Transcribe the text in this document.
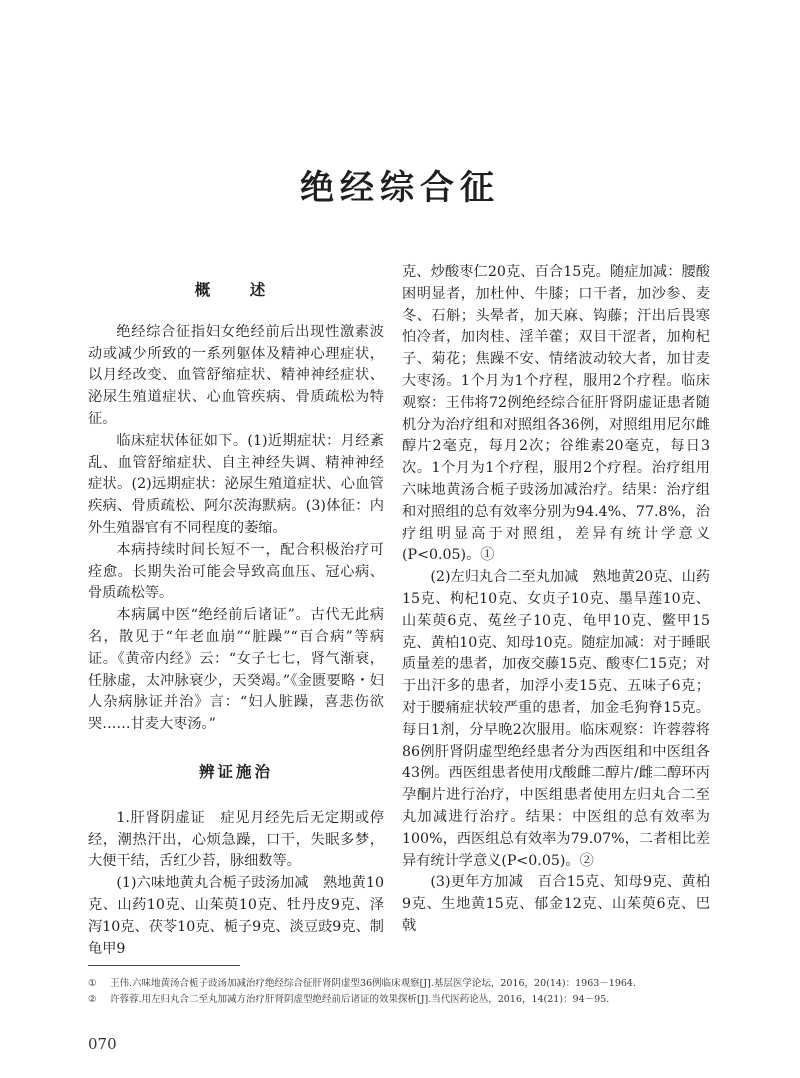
绝经综合征
概　述

绝经综合征指妇女绝经前后出现性激素波动或减少所致的一系列躯体及精神心理症状，以月经改变、血管舒缩症状、精神神经症状、泌尿生殖道症状、心血管疾病、骨质疏松为特征。

临床症状体征如下。(1)近期症状：月经紊乱、血管舒缩症状、自主神经失调、精神神经症状。(2)远期症状：泌尿生殖道症状、心血管疾病、骨质疏松、阿尔茨海默病。(3)体征：内外生殖器官有不同程度的萎缩。

本病持续时间长短不一，配合积极治疗可痊愈。长期失治可能会导致高血压、冠心病、骨质疏松等。

本病属中医“绝经前后诸证”。古代无此病名，散见于“年老血崩”“脏躁”“百合病”等病证。《黄帝内经》云：“女子七七，肾气渐衰，任脉虚，太冲脉衰少，天癸竭。”《金匮要略・妇人杂病脉证并治》言：“妇人脏躁，喜悲伤欲哭……甘麦大枣汤。”

辨证施治

1.肝肾阴虚证　症见月经先后无定期或停经，潮热汗出，心烦急躁，口干，失眠多梦，大便干结，舌红少苔，脉细数等。

(1)六味地黄丸合栀子豉汤加减　熟地黄10克、山药10克、山茱萸10克、牡丹皮9克、泽泻10克、茯苓10克、栀子9克、淡豆豉9克、制龟甲9

克、炒酸枣仁20克、百合15克。随症加减：腰酸困明显者，加杜仲、牛膝；口干者，加沙参、麦冬、石斛；头晕者，加天麻、钩藤；汗出后畏寒怕冷者，加肉桂、淫羊藿；双目干涩者，加枸杞子、菊花；焦躁不安、情绪波动较大者，加甘麦大枣汤。1个月为1个疗程，服用2个疗程。临床观察：王伟将72例绝经综合征肝肾阴虚证患者随机分为治疗组和对照组各36例，对照组用尼尔雌醇片2毫克，每月2次；谷维素20毫克，每日3次。1个月为1个疗程，服用2个疗程。治疗组用六味地黄汤合栀子豉汤加减治疗。结果：治疗组和对照组的总有效率分别为94.4%、77.8%，治疗组明显高于对照组，差异有统计学意义(P<0.05)。①

(2)左归丸合二至丸加减　熟地黄20克、山药15克、枸杞10克、女贞子10克、墨旱莲10克、山茱萸6克、菟丝子10克、龟甲10克、鳖甲15克、黄柏10克、知母10克。随症加减：对于睡眠质量差的患者，加夜交藤15克、酸枣仁15克；对于出汗多的患者，加浮小麦15克、五味子6克；对于腰痛症状较严重的患者，加金毛狗脊15克。每日1剂，分早晚2次服用。临床观察：许蓉蓉将86例肝肾阴虚型绝经患者分为西医组和中医组各43例。西医组患者使用戊酸雌二醇片/雌二醇环丙孕酮片进行治疗，中医组患者使用左归丸合二至丸加减进行治疗。结果：中医组的总有效率为100%，西医组总有效率为79.07%，二者相比差异有统计学意义(P<0.05)。②

(3)更年方加减　百合15克、知母9克、黄柏9克、生地黄15克、郁金12克、山茱萸6克、巴戟

① 王伟.六味地黄汤合栀子豉汤加减治疗绝经综合征肝肾阴虚型36例临床观察[J].基层医学论坛，2016，20(14)：1963－1964.

② 许蓉蓉.用左归丸合二至丸加减方治疗肝肾阴虚型绝经前后诸证的效果探析[J].当代医药论丛，2016，14(21)：94－95.

070
